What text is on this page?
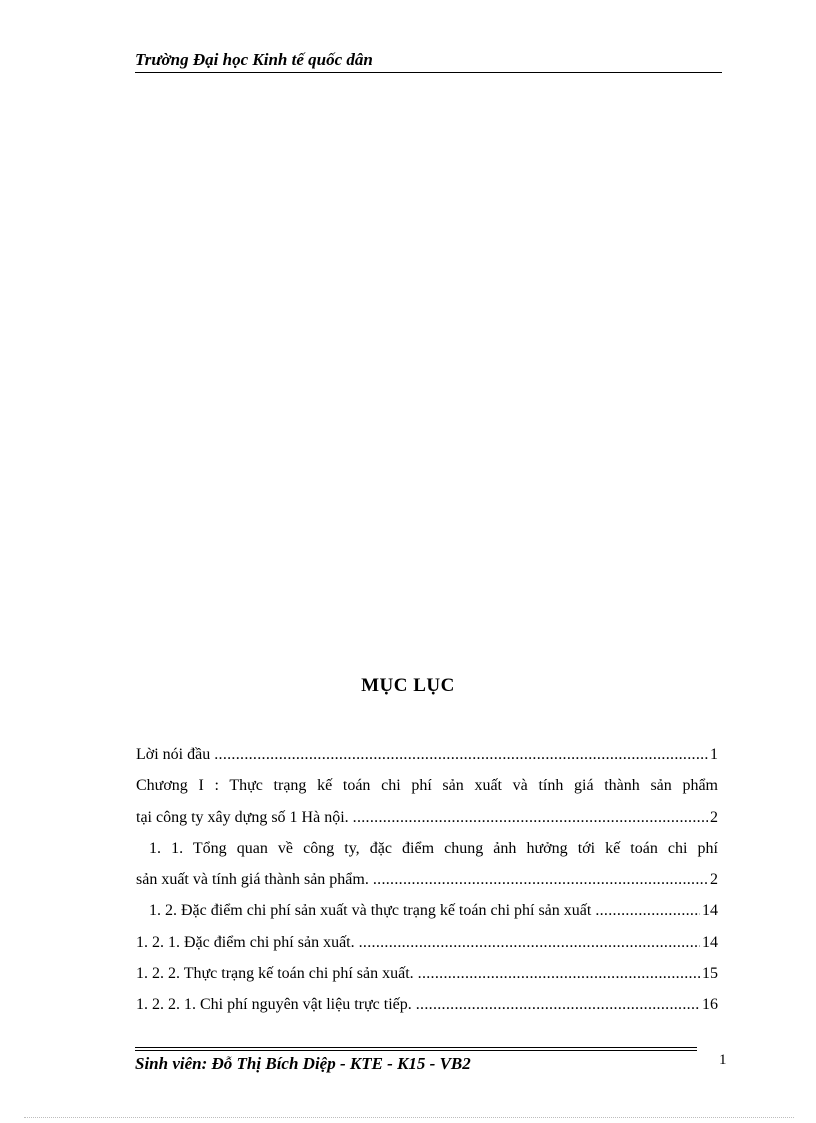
Trường Đại học Kinh tế quốc dân
MỤC LỤC
Lời nói đầu .....	1
Chương I : Thực trạng kế toán chi phí sản xuất và tính giá thành sản phẩm
tại công ty xây dựng số 1 Hà nội. .....	2
1. 1. Tổng quan về công ty, đặc điểm chung ảnh hưởng tới kế toán chi phí
sản xuất và tính giá thành sản phẩm. .....	2
1. 2. Đặc điểm chi phí sản xuất và thực trạng kế toán chi phí sản xuất .....	14
1. 2. 1. Đặc điểm chi phí sản xuất. .....	14
1. 2. 2. Thực trạng kế toán chi phí sản xuất. .....	15
1. 2. 2. 1. Chi phí nguyên vật liệu trực tiếp. .....	16
Sinh viên: Đỗ Thị Bích Diệp - KTE - K15 - VB2	1
